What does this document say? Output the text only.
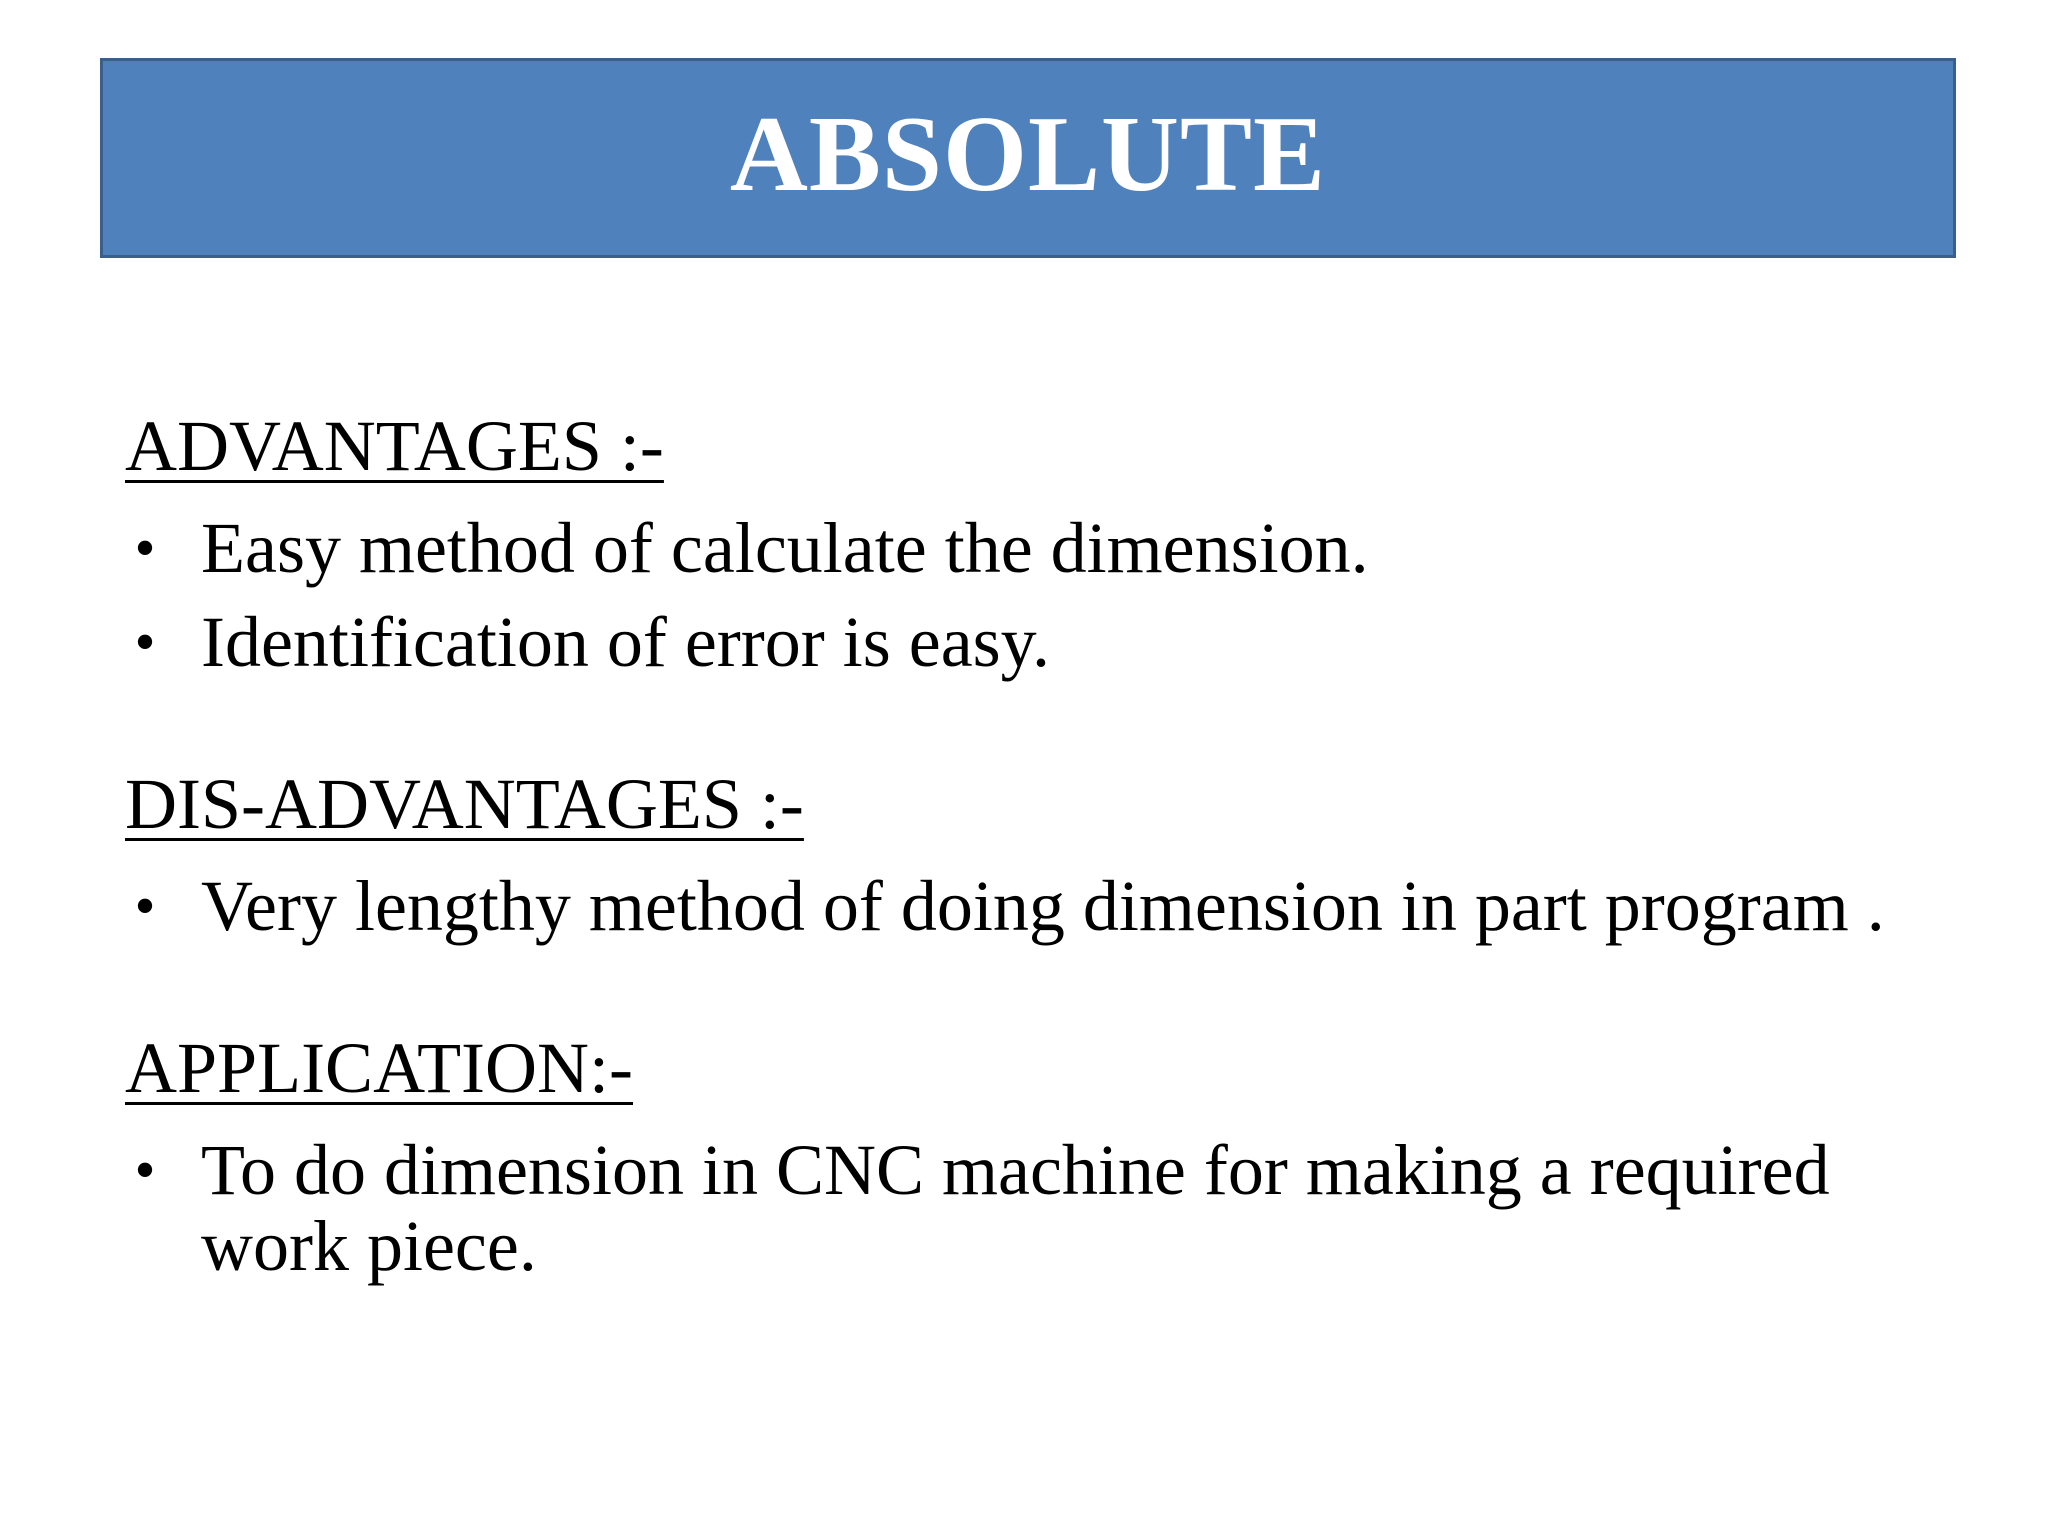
ABSOLUTE
ADVANTAGES :-
• Easy method of calculate the dimension.
• Identification of error is easy.
DIS-ADVANTAGES :-
• Very lengthy method of doing dimension in part program .
APPLICATION:-
• To do dimension in CNC machine for making a required work piece.
